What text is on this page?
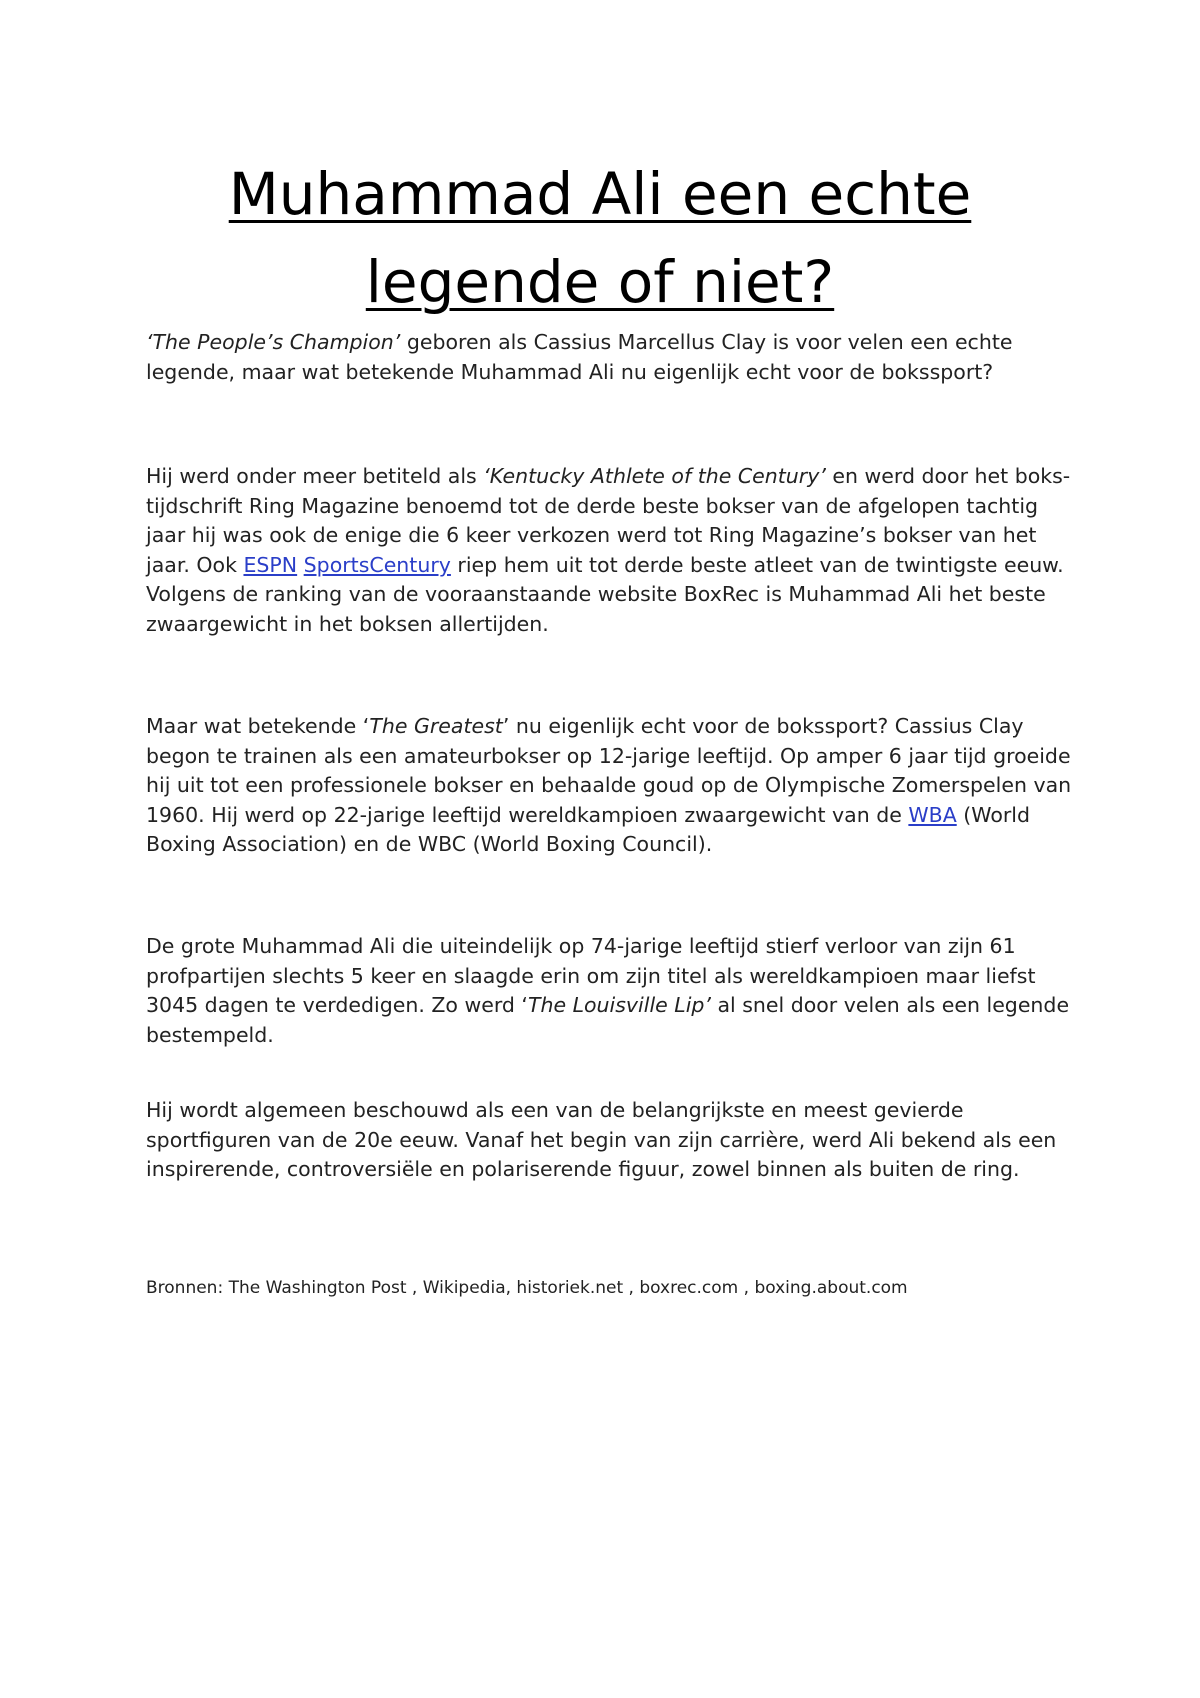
Muhammad Ali een echte legende of niet?

‘The People’s Champion’ geboren als Cassius Marcellus Clay is voor velen een echte legende, maar wat betekende Muhammad Ali nu eigenlijk echt voor de bokssport?

Hij werd onder meer betiteld als ‘Kentucky Athlete of the Century’ en werd door het boks-tijdschrift Ring Magazine benoemd tot de derde beste bokser van de afgelopen tachtig jaar hij was ook de enige die 6 keer verkozen werd tot Ring Magazine’s bokser van het jaar. Ook ESPN SportsCentury riep hem uit tot derde beste atleet van de twintigste eeuw. Volgens de ranking van de vooraanstaande website BoxRec is Muhammad Ali het beste zwaargewicht in het boksen allertijden.

Maar wat betekende ‘The Greatest’ nu eigenlijk echt voor de bokssport? Cassius Clay begon te trainen als een amateurbokser op 12-jarige leeftijd. Op amper 6 jaar tijd groeide hij uit tot een professionele bokser en behaalde goud op de Olympische Zomerspelen van 1960. Hij werd op 22-jarige leeftijd wereldkampioen zwaargewicht van de WBA (World Boxing Association) en de WBC (World Boxing Council).

De grote Muhammad Ali die uiteindelijk op 74-jarige leeftijd stierf verloor van zijn 61 profpartijen slechts 5 keer en slaagde erin om zijn titel als wereldkampioen maar liefst 3045 dagen te verdedigen. Zo werd ‘The Louisville Lip’ al snel door velen als een legende bestempeld.

Hij wordt algemeen beschouwd als een van de belangrijkste en meest gevierde sportfiguren van de 20e eeuw. Vanaf het begin van zijn carrière, werd Ali bekend als een inspirerende, controversiële en polariserende figuur, zowel binnen als buiten de ring.

Bronnen: The Washington Post , Wikipedia, historiek.net , boxrec.com , boxing.about.com
